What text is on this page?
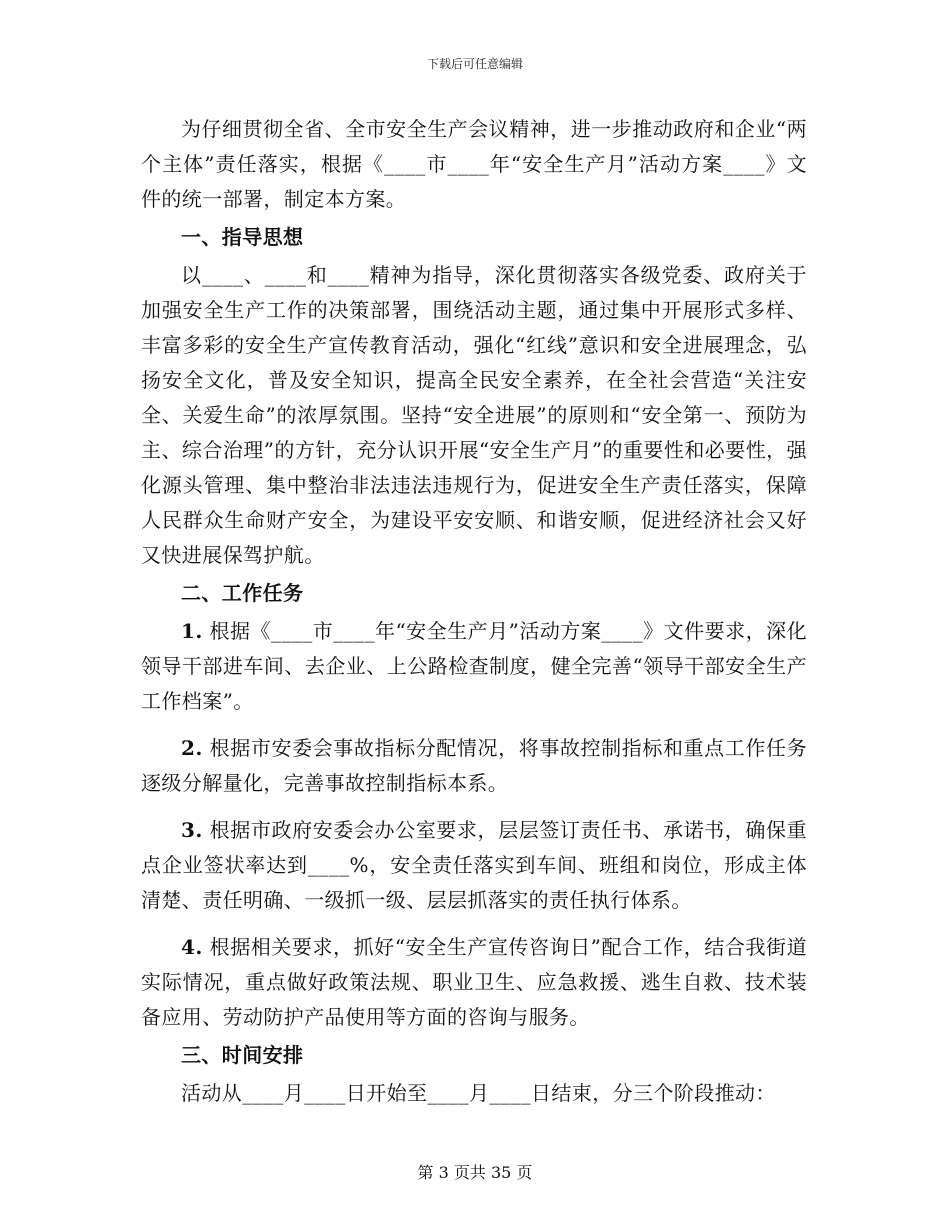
下载后可任意编辑

为仔细贯彻全省、全市安全生产会议精神，进一步推动政府和企业“两个主体”责任落实，根据《____市____年“安全生产月”活动方案____》文件的统一部署，制定本方案。

一、指导思想

以____、____和____精神为指导，深化贯彻落实各级党委、政府关于加强安全生产工作的决策部署，围绕活动主题，通过集中开展形式多样、丰富多彩的安全生产宣传教育活动，强化“红线”意识和安全进展理念，弘扬安全文化，普及安全知识，提高全民安全素养，在全社会营造“关注安全、关爱生命”的浓厚氛围。坚持“安全进展”的原则和“安全第一、预防为主、综合治理”的方针，充分认识开展“安全生产月”的重要性和必要性，强化源头管理、集中整治非法违法违规行为，促进安全生产责任落实，保障人民群众生命财产安全，为建设平安安顺、和谐安顺，促进经济社会又好又快进展保驾护航。

二、工作任务

1. 根据《____市____年“安全生产月”活动方案____》文件要求，深化领导干部进车间、去企业、上公路检查制度，健全完善“领导干部安全生产工作档案”。

2. 根据市安委会事故指标分配情况，将事故控制指标和重点工作任务逐级分解量化，完善事故控制指标本系。

3. 根据市政府安委会办公室要求，层层签订责任书、承诺书，确保重点企业签状率达到____%，安全责任落实到车间、班组和岗位，形成主体清楚、责任明确、一级抓一级、层层抓落实的责任执行体系。

4. 根据相关要求，抓好“安全生产宣传咨询日”配合工作，结合我街道实际情况，重点做好政策法规、职业卫生、应急救援、逃生自救、技术装备应用、劳动防护产品使用等方面的咨询与服务。

三、时间安排

活动从____月____日开始至____月____日结束，分三个阶段推动：

第 3 页共 35 页
